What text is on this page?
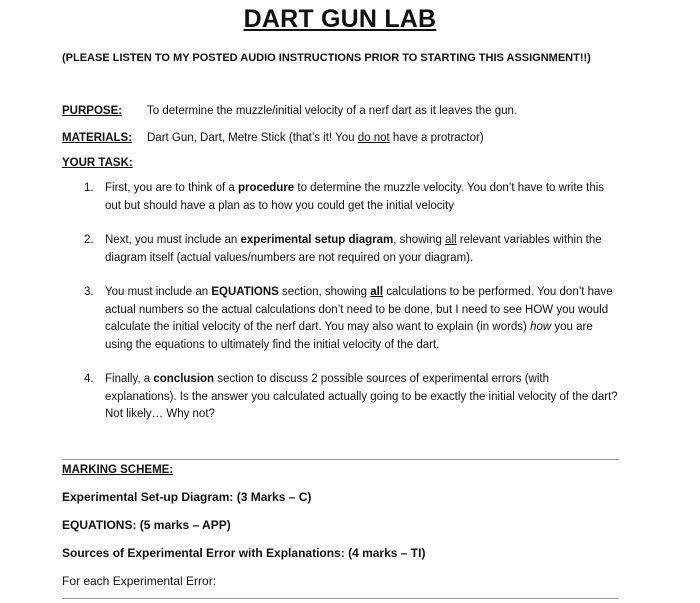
DART GUN LAB
(PLEASE LISTEN TO MY POSTED AUDIO INSTRUCTIONS PRIOR TO STARTING THIS ASSIGNMENT!!)
PURPOSE: To determine the muzzle/initial velocity of a nerf dart as it leaves the gun.
MATERIALS: Dart Gun, Dart, Metre Stick (that’s it! You do not have a protractor)
YOUR TASK:
1. First, you are to think of a procedure to determine the muzzle velocity. You don’t have to write this out but should have a plan as to how you could get the initial velocity
2. Next, you must include an experimental setup diagram, showing all relevant variables within the diagram itself (actual values/numbers are not required on your diagram).
3. You must include an EQUATIONS section, showing all calculations to be performed. You don’t have actual numbers so the actual calculations don’t need to be done, but I need to see HOW you would calculate the initial velocity of the nerf dart. You may also want to explain (in words) how you are using the equations to ultimately find the initial velocity of the dart.
4. Finally, a conclusion section to discuss 2 possible sources of experimental errors (with explanations). Is the answer you calculated actually going to be exactly the initial velocity of the dart? Not likely… Why not?
MARKING SCHEME:
Experimental Set-up Diagram: (3 Marks – C)
EQUATIONS: (5 marks – APP)
Sources of Experimental Error with Explanations: (4 marks – TI)
For each Experimental Error:
